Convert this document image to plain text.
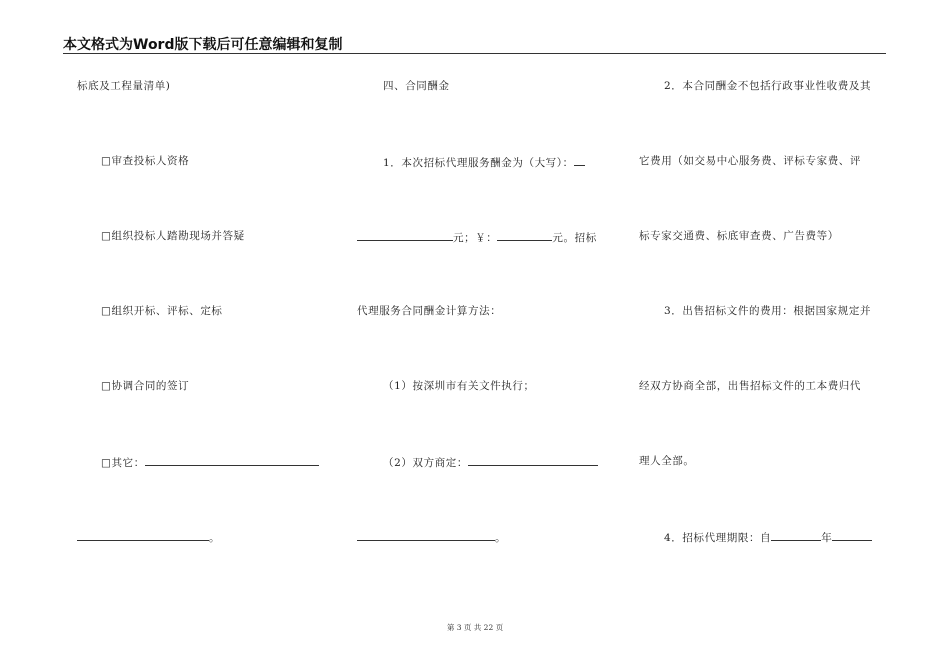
本文格式为Word版下载后可任意编辑和复制
标底及工程量清单)
□审查投标人资格
□组织投标人踏勘现场并答疑
□组织开标、评标、定标
□协调合同的签订
□其它：
。
四、合同酬金
1．本次招标代理服务酬金为（大写）：
元；￥：	元。招标
代理服务合同酬金计算方法：
（1）按深圳市有关文件执行；
（2）双方商定：
。
2．本合同酬金不包括行政事业性收费及其
它费用（如交易中心服务费、评标专家费、评
标专家交通费、标底审查费、广告费等）
3．出售招标文件的费用：根据国家规定并
经双方协商全部，出售招标文件的工本费归代
理人全部。
4．招标代理期限：自	年
第 3 页 共 22 页
